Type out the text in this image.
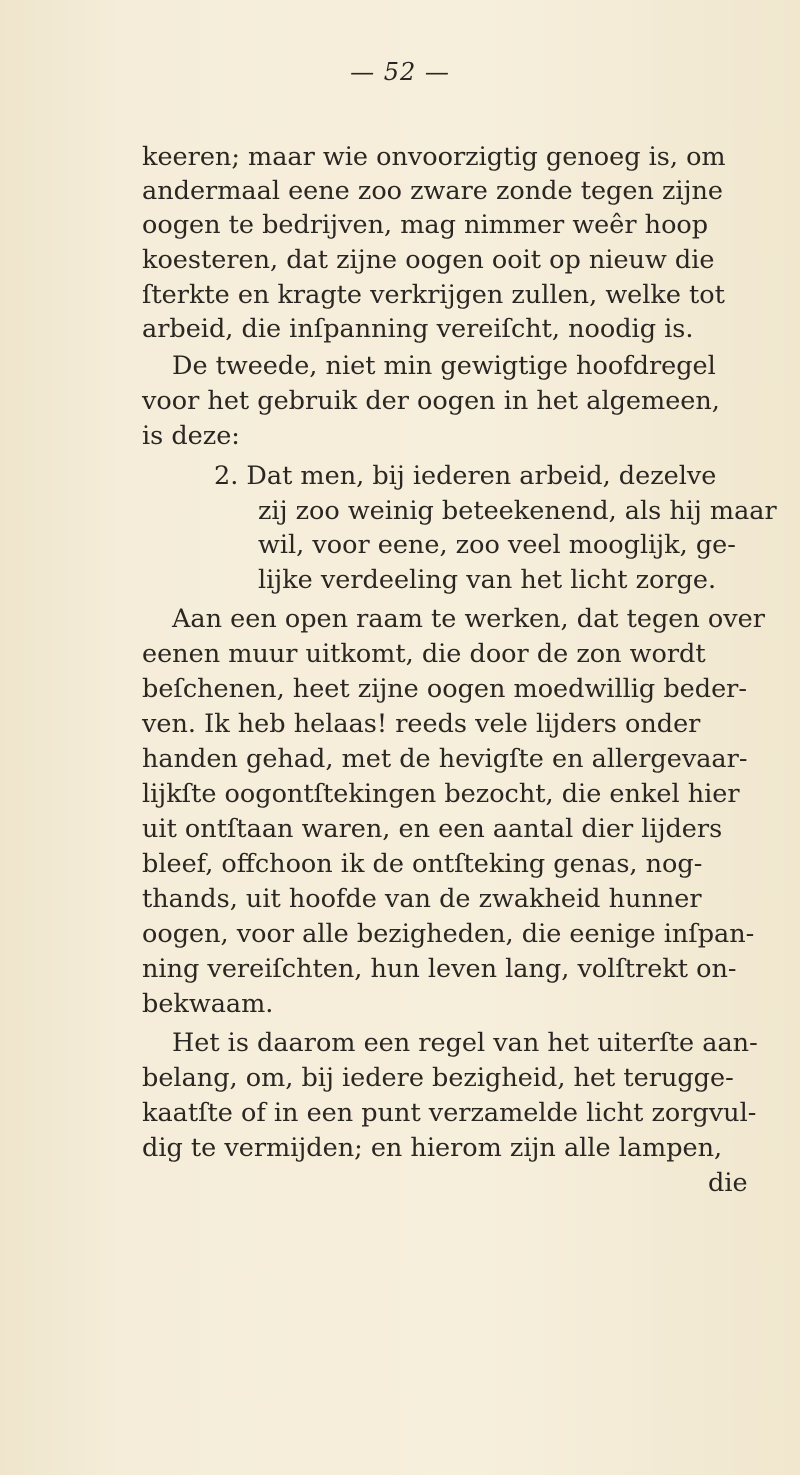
— 52 —
keeren; maar wie onvoorzigtig genoeg is, om
andermaal eene zoo zware zonde tegen zijne
oogen te bedrijven, mag nimmer weêr hoop
koesteren, dat zijne oogen ooit op nieuw die
ſterkte en kragte verkrijgen zullen, welke tot
arbeid, die inſpanning vereiſcht, noodig is.
De tweede, niet min gewigtige hoofdregel
voor het gebruik der oogen in het algemeen,
is deze:
2. Dat men, bij iederen arbeid, dezelve
zij zoo weinig beteekenend, als hij maar
wil, voor eene, zoo veel mooglijk, ge-
lijke verdeeling van het licht zorge.
Aan een open raam te werken, dat tegen over
eenen muur uitkomt, die door de zon wordt
beſchenen, heet zijne oogen moedwillig beder-
ven. Ik heb helaas! reeds vele lijders onder
handen gehad, met de hevigſte en allergevaar-
lijkſte oogontſtekingen bezocht, die enkel hier
uit ontſtaan waren, en een aantal dier lijders
bleef, offchoon ik de ontſteking genas, nog-
thands, uit hoofde van de zwakheid hunner
oogen, voor alle bezigheden, die eenige inſpan-
ning vereiſchten, hun leven lang, volſtrekt on-
bekwaam.
Het is daarom een regel van het uiterſte aan-
belang, om, bij iedere bezigheid, het terugge-
kaatſte of in een punt verzamelde licht zorgvul-
dig te vermijden; en hierom zijn alle lampen,
die
